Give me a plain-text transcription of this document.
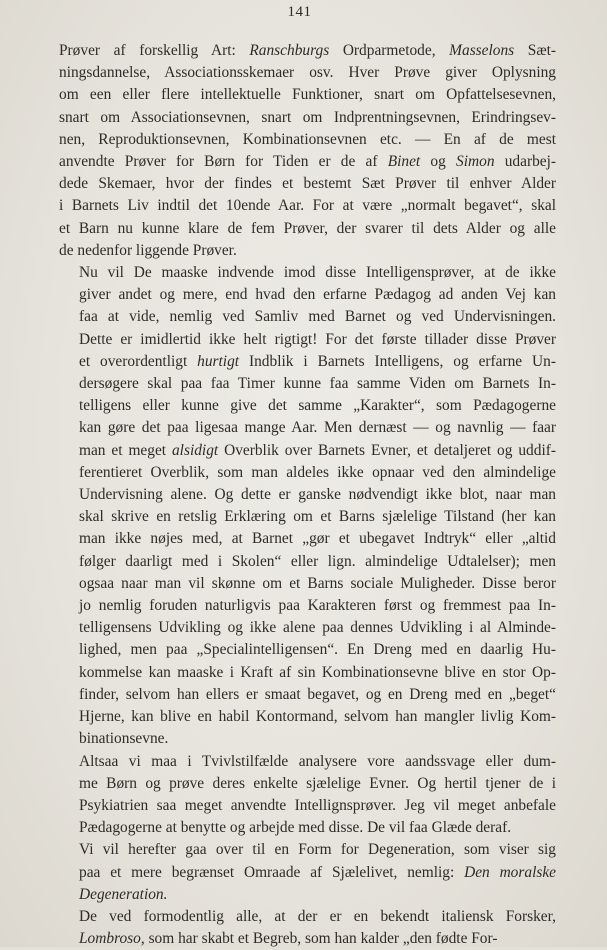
141
Prøver af forskellig Art: Ranschburgs Ordparmetode, Masselons Sæt-
ningsdannelse, Associationsskemaer osv. Hver Prøve giver Oplysning
om een eller flere intellektuelle Funktioner, snart om Opfattelsesevnen,
snart om Associationsevnen, snart om Indprentningsevnen, Erindringsev-
nen, Reproduktionsevnen, Kombinationsevnen etc. — En af de mest
anvendte Prøver for Børn for Tiden er de af Binet og Simon udarbej-
dede Skemaer, hvor der findes et bestemt Sæt Prøver til enhver Alder
i Barnets Liv indtil det 10ende Aar. For at være „normalt begavet“, skal
et Barn nu kunne klare de fem Prøver, der svarer til dets Alder og alle
de nedenfor liggende Prøver.
Nu vil De maaske indvende imod disse Intelligensprøver, at de ikke
giver andet og mere, end hvad den erfarne Pædagog ad anden Vej kan
faa at vide, nemlig ved Samliv med Barnet og ved Undervisningen.
Dette er imidlertid ikke helt rigtigt! For det første tillader disse Prøver
et overordentligt hurtigt Indblik i Barnets Intelligens, og erfarne Un-
dersøgere skal paa faa Timer kunne faa samme Viden om Barnets In-
telligens eller kunne give det samme „Karakter“, som Pædagogerne
kan gøre det paa ligesaa mange Aar. Men dernæst — og navnlig — faar
man et meget alsidigt Overblik over Barnets Evner, et detaljeret og uddif-
ferentieret Overblik, som man aldeles ikke opnaar ved den almindelige
Undervisning alene. Og dette er ganske nødvendigt ikke blot, naar man
skal skrive en retslig Erklæring om et Barns sjælelige Tilstand (her kan
man ikke nøjes med, at Barnet „gør et ubegavet Indtryk“ eller „altid
følger daarligt med i Skolen“ eller lign. almindelige Udtalelser); men
ogsaa naar man vil skønne om et Barns sociale Muligheder. Disse beror
jo nemlig foruden naturligvis paa Karakteren først og fremmest paa In-
telligensens Udvikling og ikke alene paa dennes Udvikling i al Alminde-
lighed, men paa „Specialintelligensen“. En Dreng med en daarlig Hu-
kommelse kan maaske i Kraft af sin Kombinationsevne blive en stor Op-
finder, selvom han ellers er smaat begavet, og en Dreng med en „beget“
Hjerne, kan blive en habil Kontormand, selvom han mangler livlig Kom-
binationsevne.
Altsaa vi maa i Tvivlstilfælde analysere vore aandssvage eller dum-
me Børn og prøve deres enkelte sjælelige Evner. Og hertil tjener de i
Psykiatrien saa meget anvendte Intellignsprøver. Jeg vil meget anbefale
Pædagogerne at benytte og arbejde med disse. De vil faa Glæde deraf.
Vi vil herefter gaa over til en Form for Degeneration, som viser sig
paa et mere begrænset Omraade af Sjælelivet, nemlig: Den moralske
Degeneration.
De ved formodentlig alle, at der er en bekendt italiensk Forsker,
Lombroso, som har skabt et Begreb, som han kalder „den fødte For-
